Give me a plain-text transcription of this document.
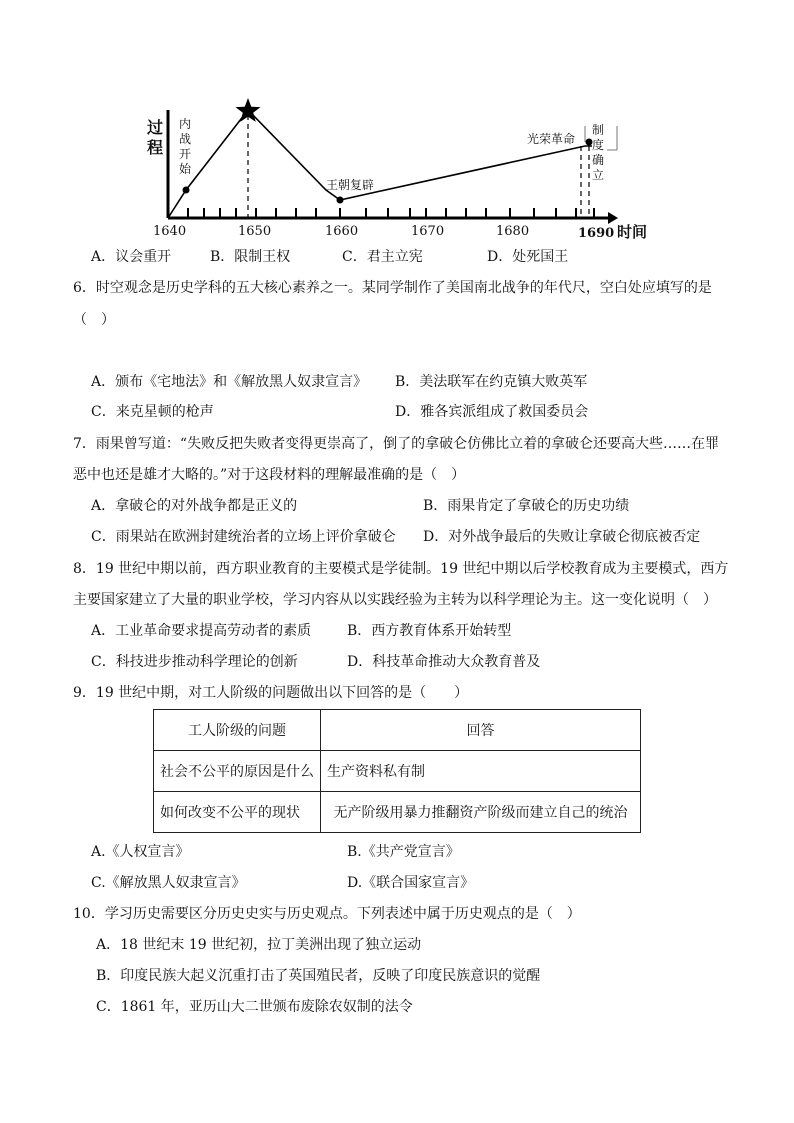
过
程
时间
1640	1650	1660	1670	1680	1690
内战开始
制度确立
王朝复辟
光荣革命
A．议会重开	B．限制王权	C．君主立宪	D．处死国王
6．时空观念是历史学科的五大核心素养之一。某同学制作了美国南北战争的年代尺，空白处应填写的是
（　）
A．颁布《宅地法》和《解放黑人奴隶宣言》 B．美法联军在约克镇大败英军
C．来克星顿的枪声	D．雅各宾派组成了救国委员会
7．雨果曾写道：“失败反把失败者变得更崇高了，倒了的拿破仑仿佛比立着的拿破仑还要高大些……在罪
恶中也还是雄才大略的。”对于这段材料的理解最准确的是（　）
A．拿破仑的对外战争都是正义的	B．雨果肯定了拿破仑的历史功绩
C．雨果站在欧洲封建统治者的立场上评价拿破仑 D．对外战争最后的失败让拿破仑彻底被否定
8．19 世纪中期以前，西方职业教育的主要模式是学徒制。19 世纪中期以后学校教育成为主要模式，西方
主要国家建立了大量的职业学校，学习内容从以实践经验为主转为以科学理论为主。这一变化说明（　）
A．工业革命要求提高劳动者的素质	B．西方教育体系开始转型
C．科技进步推动科学理论的创新	D．科技革命推动大众教育普及
9．19 世纪中期，对工人阶级的问题做出以下回答的是（　　）
工人阶级的问题	回答
社会不公平的原因是什么	生产资料私有制
如何改变不公平的现状	无产阶级用暴力推翻资产阶级而建立自己的统治
A.《人权宣言》	B.《共产党宣言》
C.《解放黑人奴隶宣言》	D.《联合国家宣言》
10．学习历史需要区分历史史实与历史观点。下列表述中属于历史观点的是（　）
A．18 世纪末 19 世纪初，拉丁美洲出现了独立运动
B．印度民族大起义沉重打击了英国殖民者，反映了印度民族意识的觉醒
C．1861 年，亚历山大二世颁布废除农奴制的法令
